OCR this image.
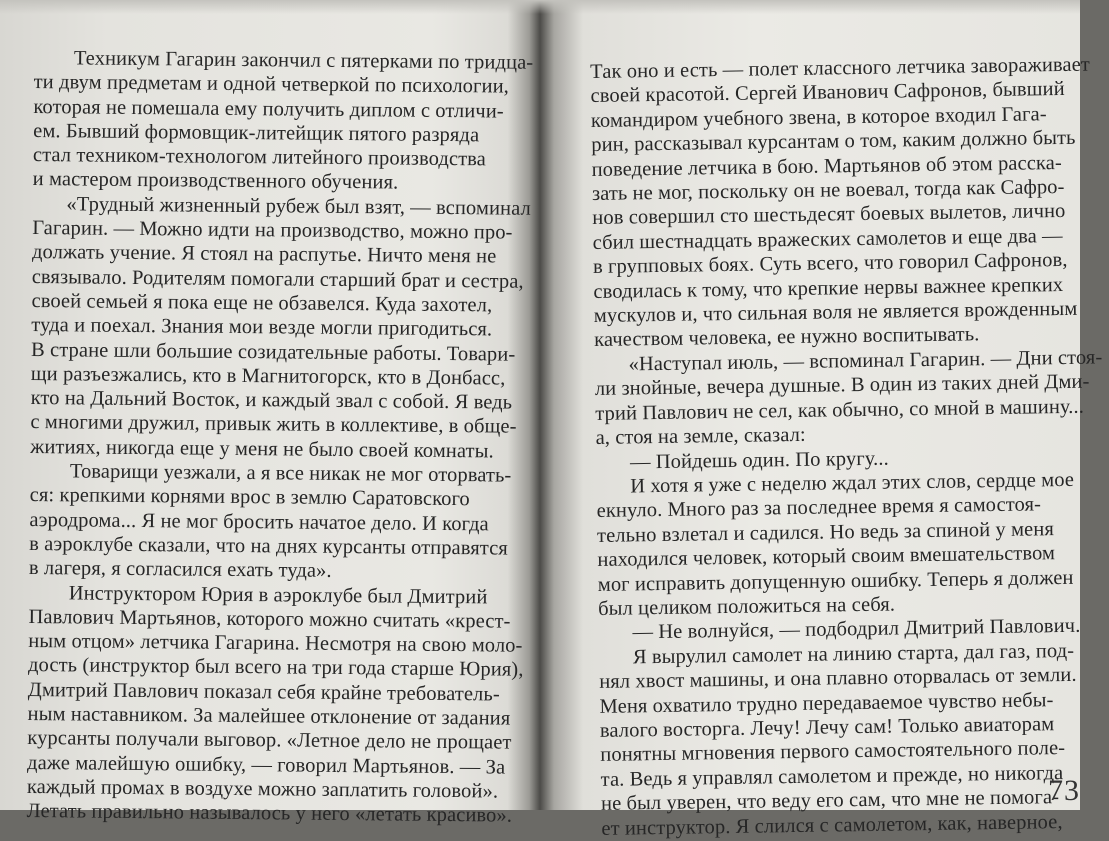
Техникум Гагарин закончил с пятерками по тридца-
ти двум предметам и одной четверкой по психологии,
которая не помешала ему получить диплом с отличи-
ем. Бывший формовщик-литейщик пятого разряда
стал техником-технологом литейного производства
и мастером производственного обучения.
«Трудный жизненный рубеж был взят, — вспоминал
Гагарин. — Можно идти на производство, можно про-
должать учение. Я стоял на распутье. Ничто меня не
связывало. Родителям помогали старший брат и сестра,
своей семьей я пока еще не обзавелся. Куда захотел,
туда и поехал. Знания мои везде могли пригодиться.
В стране шли большие созидательные работы. Товари-
щи разъезжались, кто в Магнитогорск, кто в Донбасс,
кто на Дальний Восток, и каждый звал с собой. Я ведь
с многими дружил, привык жить в коллективе, в обще-
житиях, никогда еще у меня не было своей комнаты.
Товарищи уезжали, а я все никак не мог оторвать-
ся: крепкими корнями врос в землю Саратовского
аэродрома... Я не мог бросить начатое дело. И когда
в аэроклубе сказали, что на днях курсанты отправятся
в лагеря, я согласился ехать туда».
Инструктором Юрия в аэроклубе был Дмитрий
Павлович Мартьянов, которого можно считать «крест-
ным отцом» летчика Гагарина. Несмотря на свою моло-
дость (инструктор был всего на три года старше Юрия),
Дмитрий Павлович показал себя крайне требователь-
ным наставником. За малейшее отклонение от задания
курсанты получали выговор. «Летное дело не прощает
даже малейшую ошибку, — говорил Мартьянов. — За
каждый промах в воздухе можно заплатить головой».
Летать правильно называлось у него «летать красиво».
Так оно и есть — полет классного летчика завораживает
своей красотой. Сергей Иванович Сафронов, бывший
командиром учебного звена, в которое входил Гага-
рин, рассказывал курсантам о том, каким должно быть
поведение летчика в бою. Мартьянов об этом расска-
зать не мог, поскольку он не воевал, тогда как Сафро-
нов совершил сто шестьдесят боевых вылетов, лично
сбил шестнадцать вражеских самолетов и еще два —
в групповых боях. Суть всего, что говорил Сафронов,
сводилась к тому, что крепкие нервы важнее крепких
мускулов и, что сильная воля не является врожденным
качеством человека, ее нужно воспитывать.
«Наступал июль, — вспоминал Гагарин. — Дни стоя-
ли знойные, вечера душные. В один из таких дней Дми-
трий Павлович не сел, как обычно, со мной в машину...
а, стоя на земле, сказал:
— Пойдешь один. По кругу...
И хотя я уже с неделю ждал этих слов, сердце мое
екнуло. Много раз за последнее время я самостоя-
тельно взлетал и садился. Но ведь за спиной у меня
находился человек, который своим вмешательством
мог исправить допущенную ошибку. Теперь я должен
был целиком положиться на себя.
— Не волнуйся, — подбодрил Дмитрий Павлович.
Я вырулил самолет на линию старта, дал газ, под-
нял хвост машины, и она плавно оторвалась от земли.
Меня охватило трудно передаваемое чувство небы-
валого восторга. Лечу! Лечу сам! Только авиаторам
понятны мгновения первого самостоятельного поле-
та. Ведь я управлял самолетом и прежде, но никогда
не был уверен, что веду его сам, что мне не помога-
ет инструктор. Я слился с самолетом, как, наверное,
73
